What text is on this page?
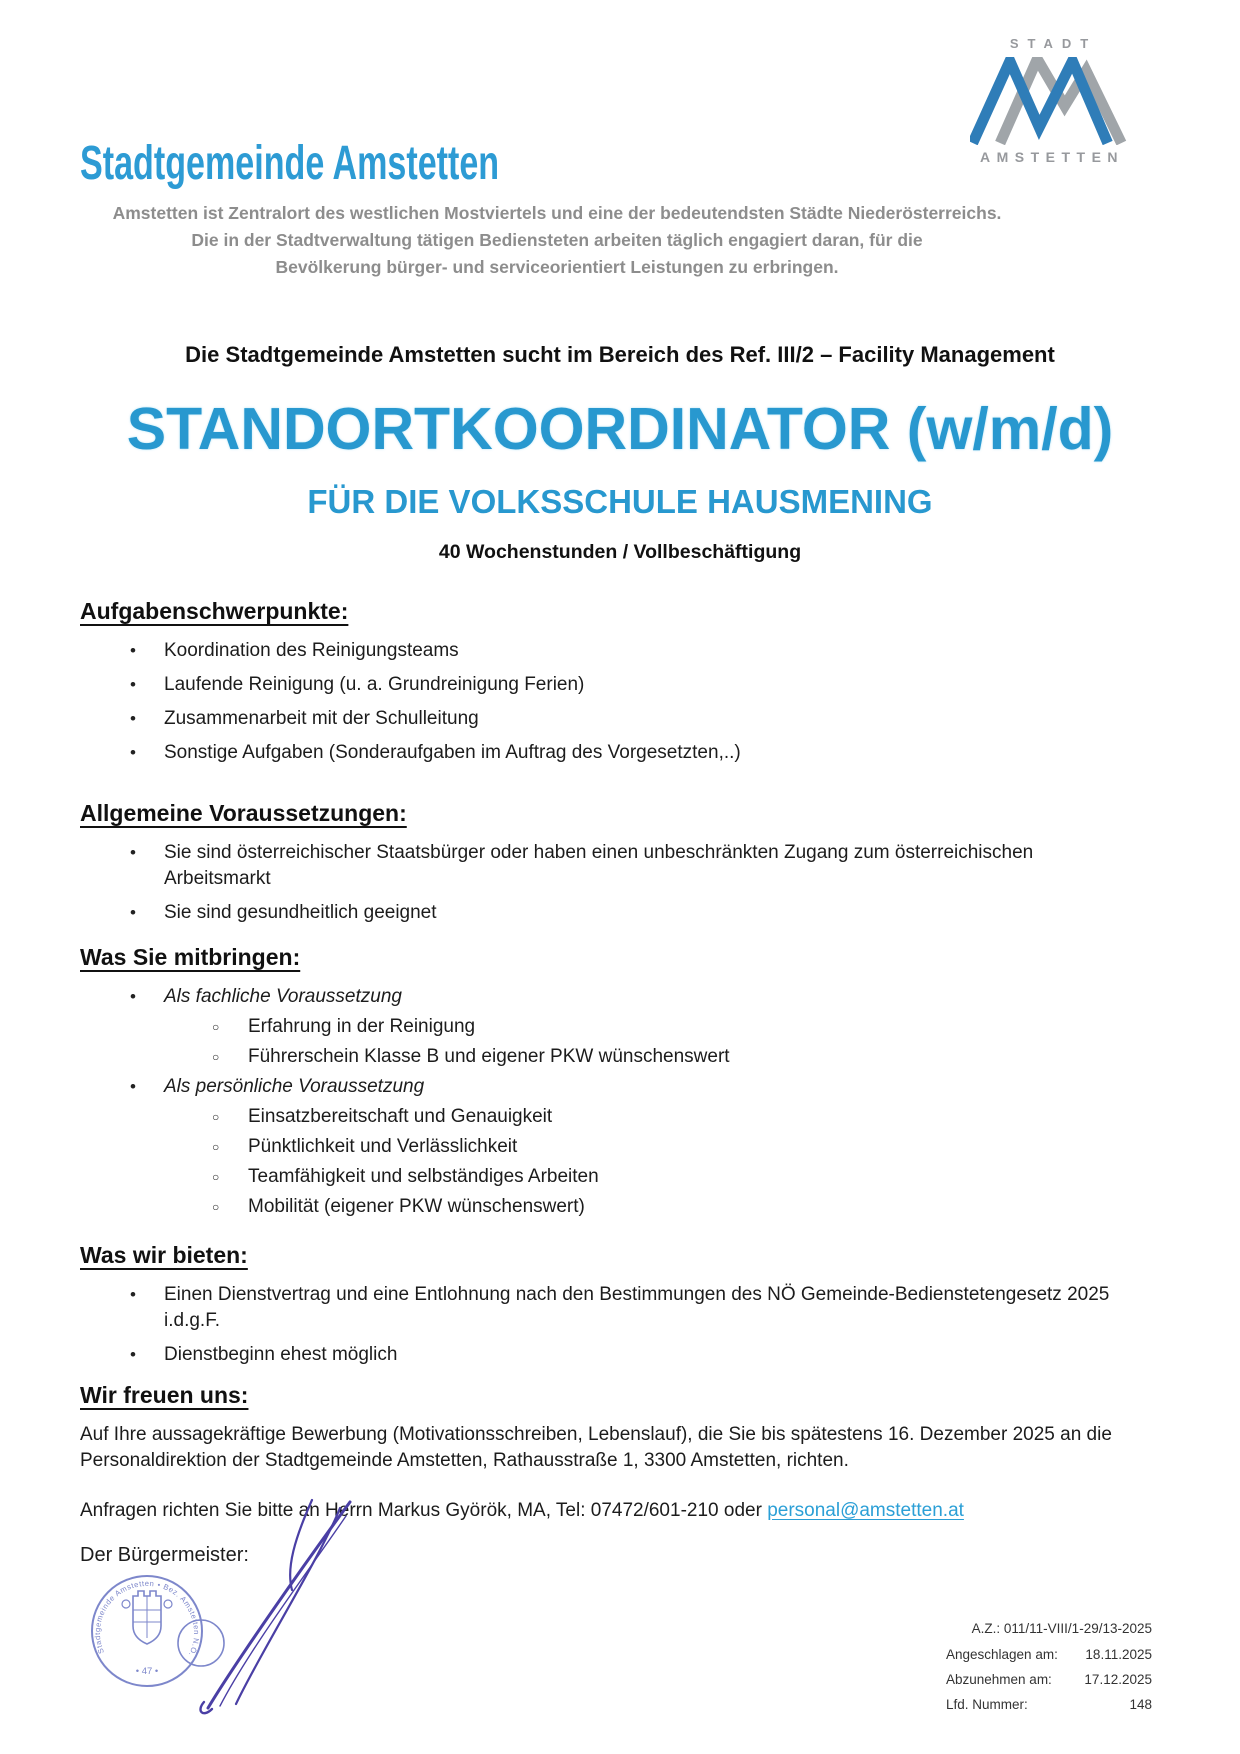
STADT
AMSTETTEN
Stadtgemeinde Amstetten
Amstetten ist Zentralort des westlichen Mostviertels und eine der bedeutendsten Städte Niederösterreichs.
Die in der Stadtverwaltung tätigen Bediensteten arbeiten täglich engagiert daran, für die
Bevölkerung bürger- und serviceorientiert Leistungen zu erbringen.
Die Stadtgemeinde Amstetten sucht im Bereich des Ref. III/2 – Facility Management
STANDORTKOORDINATOR (w/m/d)
FÜR DIE VOLKSSCHULE HAUSMENING
40 Wochenstunden / Vollbeschäftigung
Aufgabenschwerpunkte:
• Koordination des Reinigungsteams
• Laufende Reinigung (u. a. Grundreinigung Ferien)
• Zusammenarbeit mit der Schulleitung
• Sonstige Aufgaben (Sonderaufgaben im Auftrag des Vorgesetzten,..)
Allgemeine Voraussetzungen:
• Sie sind österreichischer Staatsbürger oder haben einen unbeschränkten Zugang zum österreichischen Arbeitsmarkt
• Sie sind gesundheitlich geeignet
Was Sie mitbringen:
• Als fachliche Voraussetzung
○ Erfahrung in der Reinigung
○ Führerschein Klasse B und eigener PKW wünschenswert
• Als persönliche Voraussetzung
○ Einsatzbereitschaft und Genauigkeit
○ Pünktlichkeit und Verlässlichkeit
○ Teamfähigkeit und selbständiges Arbeiten
○ Mobilität (eigener PKW wünschenswert)
Was wir bieten:
• Einen Dienstvertrag und eine Entlohnung nach den Bestimmungen des NÖ Gemeinde-Bedienstetengesetz 2025 i.d.g.F.
• Dienstbeginn ehest möglich
Wir freuen uns:

Auf Ihre aussagekräftige Bewerbung (Motivationsschreiben, Lebenslauf), die Sie bis spätestens 16. Dezember 2025 an die Personaldirektion der Stadtgemeinde Amstetten, Rathausstraße 1, 3300 Amstetten, richten.

Anfragen richten Sie bitte an Herrn Markus Györök, MA, Tel: 07472/601-210 oder personal@amstetten.at

Der Bürgermeister:
Stadtgemeinde Amstetten • Bez. Amstetten N.Ö.
• 47 •
A.Z.: 011/11-VIII/1-29/13-2025
Angeschlagen am: 18.11.2025
Abzunehmen am: 17.12.2025
Lfd. Nummer:	148
